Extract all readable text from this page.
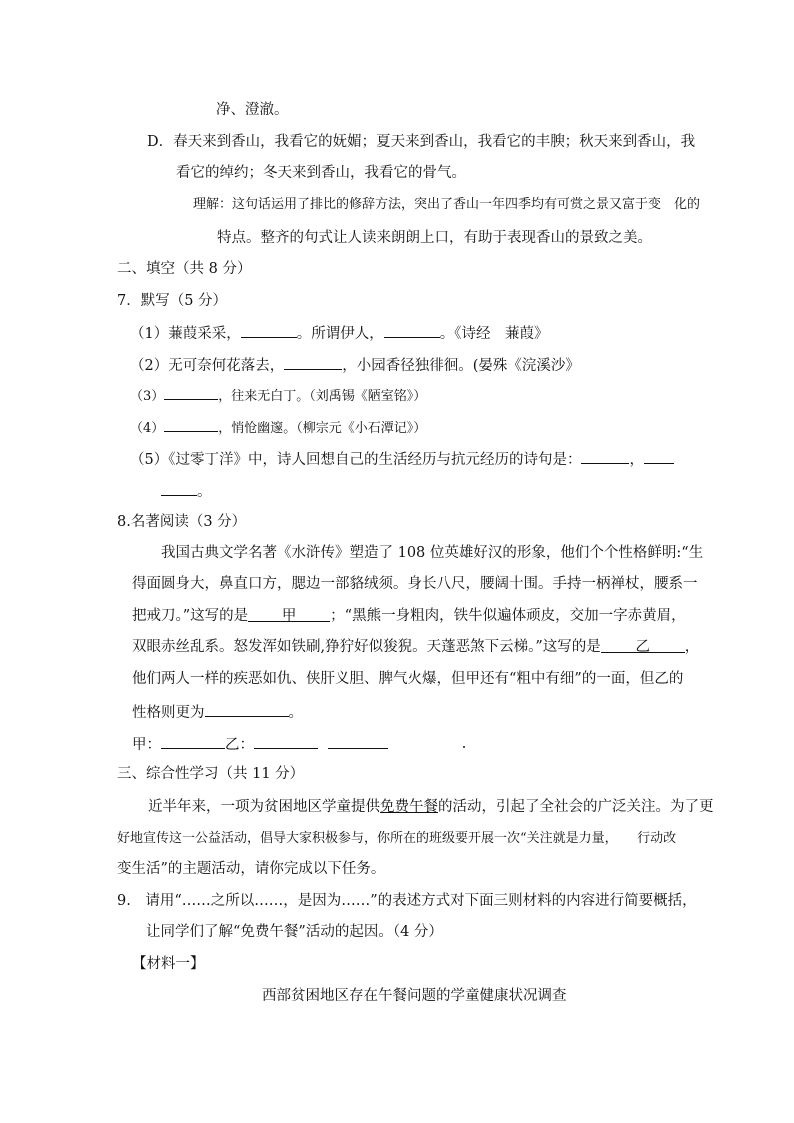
净、澄澈。
D．春天来到香山，我看它的妩媚；夏天来到香山，我看它的丰腴；秋天来到香山，我
看它的绰约；冬天来到香山，我看它的骨气。
理解：这句话运用了排比的修辞方法，突出了香山一年四季均有可赏之景又富于变　化的
特点。整齐的句式让人读来朗朗上口，有助于表现香山的景致之美。
二、填空（共 8 分）
7．默写（5 分）
（1）蒹葭采采，	。所谓伊人，	。《诗经　蒹葭》
（2）无可奈何花落去，	，小园香径独徘徊。(晏殊《浣溪沙》
（3）	，往来无白丁。（刘禹锡《陋室铭》）
（4）	，悄怆幽邃。（柳宗元《小石潭记》）
（5）《过零丁洋》中，诗人回想自己的生活经历与抗元经历的诗句是：	，
。
8.名著阅读（3 分）
我国古典文学名著《水浒传》塑造了 108 位英雄好汉的形象，他们个个性格鲜明:“生
得面圆身大，鼻直口方，腮边一部貉绒须。身长八尺，腰阔十围。手持一柄禅杖，腰系一
把戒刀。”这写的是 甲 ；“黑熊一身粗肉，铁牛似遍体顽皮，交加一字赤黄眉，
双眼赤丝乱系。怒发浑如铁刷,狰狞好似狻猊。天蓬恶煞下云梯。”这写的是 乙 ，
他们两人一样的疾恶如仇、侠肝义胆、脾气火爆，但甲还有“粗中有细”的一面，但乙的
性格则更为	。
甲：	乙：
三、综合性学习（共 11 分）
近半年来，一项为贫困地区学童提供免费午餐的活动，引起了全社会的广泛关注。为了更
好地宣传这一公益活动，倡导大家积极参与，你所在的班级要开展一次“关注就是力量，　　行动改
变生活”的主题活动，请你完成以下任务。
9.　请用“……之所以……，是因为……”的表述方式对下面三则材料的内容进行简要概括，
让同学们了解“免费午餐”活动的起因。（4 分）
【材料一】
西部贫困地区存在午餐问题的学童健康状况调查
